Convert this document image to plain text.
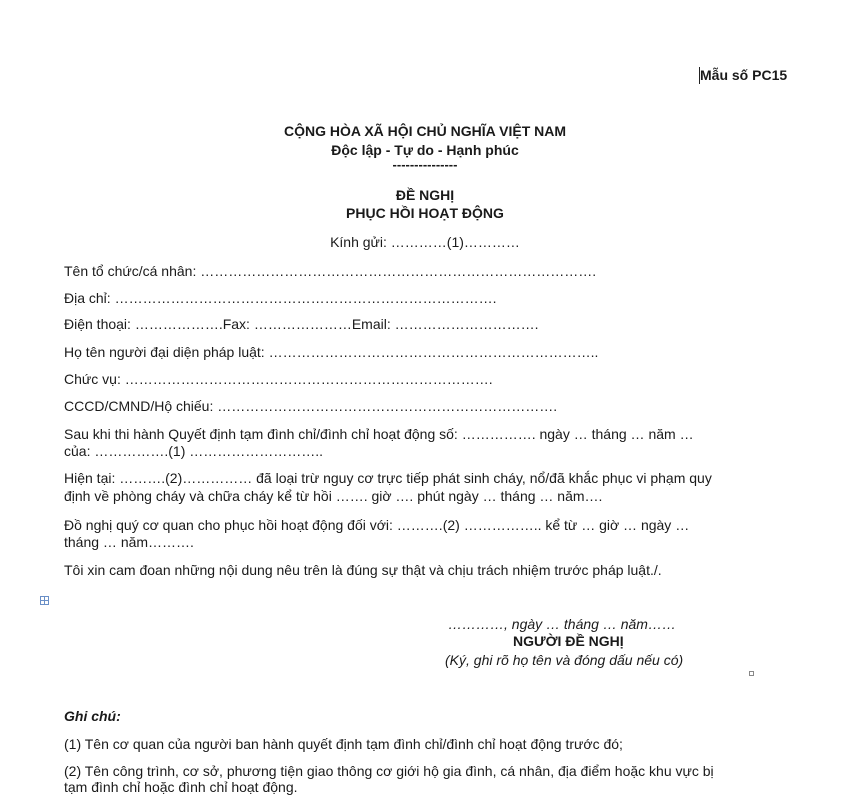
Mẫu số PC15
CỘNG HÒA XÃ HỘI CHỦ NGHĨA VIỆT NAM
Độc lập - Tự do - Hạnh phúc
---------------
ĐỀ NGHỊ
PHỤC HỒI HOẠT ĐỘNG
Kính gửi: …………(1)…………
Tên tổ chức/cá nhân: ………………………………………………………………………….
Địa chỉ: ……………………………………………………………………….
Điện thoại: ……………….Fax: …………………Email: ………………………….
Họ tên người đại diện pháp luật: ……………………………………………………………..
Chức vụ: …………………………………………………………………….
CCCD/CMND/Hộ chiếu: ……………………………………………………………….
Sau khi thi hành Quyết định tạm đình chỉ/đình chỉ hoạt động số: ……………. ngày … tháng … năm …
của: …………….(1) ………………………..
Hiện tại: ……….(2)…………… đã loại trừ nguy cơ trực tiếp phát sinh cháy, nổ/đã khắc phục vi phạm quy
định về phòng cháy và chữa cháy kể từ hồi ……. giờ …. phút ngày … tháng … năm….
Đồ nghị quý cơ quan cho phục hồi hoạt động đối với: ……….(2) …………….. kể từ … giờ … ngày …
tháng … năm……….
Tôi xin cam đoan những nội dung nêu trên là đúng sự thật và chịu trách nhiệm trước pháp luật./.
…………, ngày … tháng … năm……
NGƯỜI ĐỀ NGHỊ
(Ký, ghi rõ họ tên và đóng dấu nếu có)
Ghi chú:
(1) Tên cơ quan của người ban hành quyết định tạm đình chỉ/đình chỉ hoạt động trước đó;
(2) Tên công trình, cơ sở, phương tiện giao thông cơ giới hộ gia đình, cá nhân, địa điểm hoặc khu vực bị
tạm đình chỉ hoặc đình chỉ hoạt động.
